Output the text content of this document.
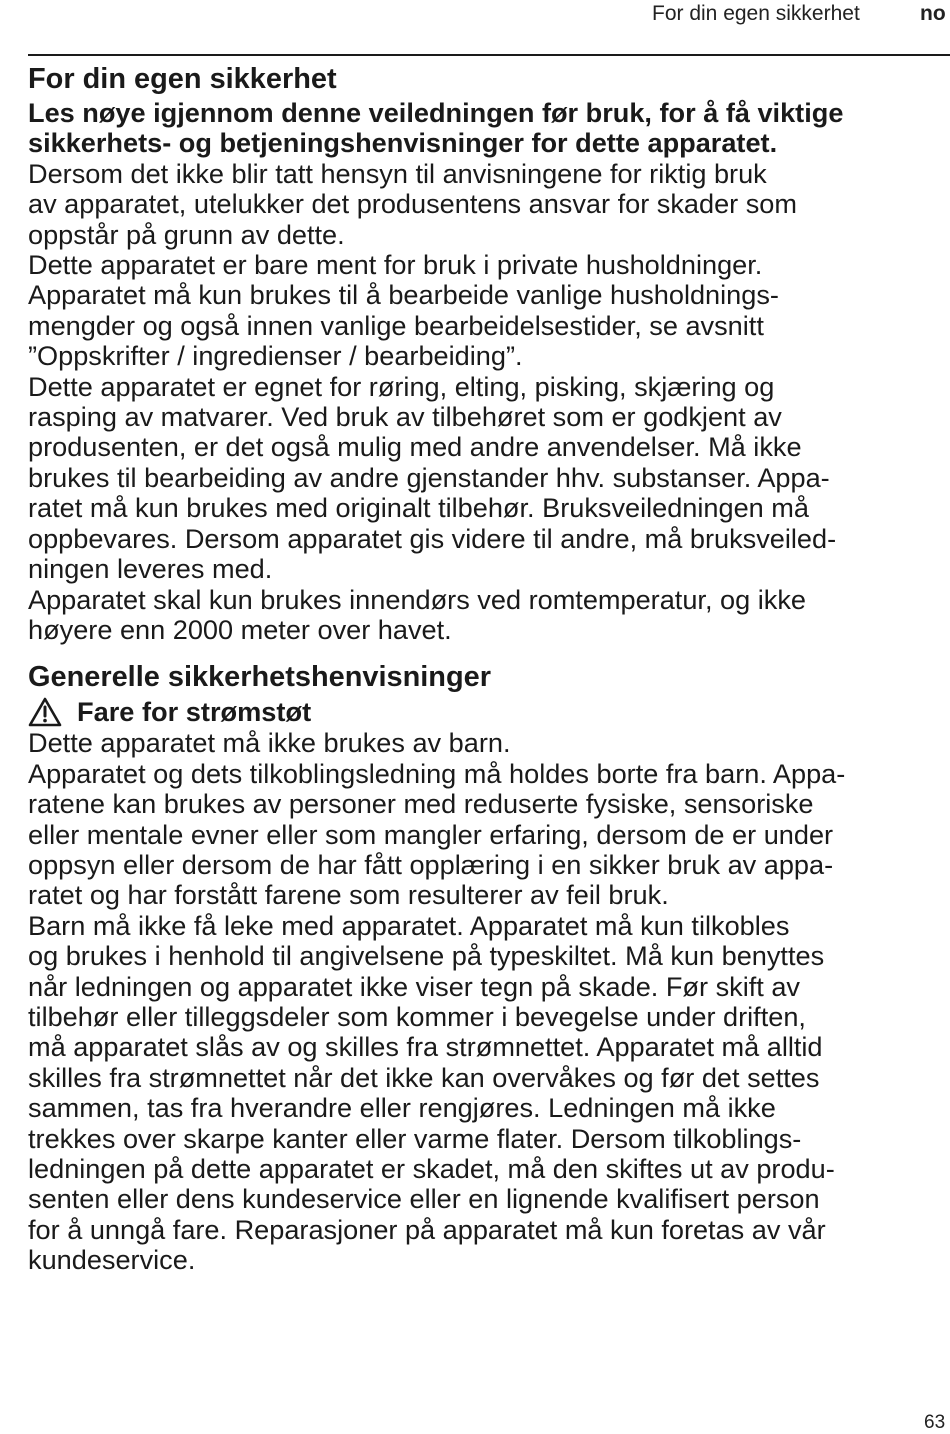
For din egen sikkerhet	no
For din egen sikkerhet

Les nøye igjennom denne veiledningen før bruk, for å få viktige

sikkerhets- og betjeningshenvisninger for dette apparatet.

Dersom det ikke blir tatt hensyn til anvisningene for riktig bruk

av apparatet, utelukker det produsentens ansvar for skader som

oppstår på grunn av dette.

Dette apparatet er bare ment for bruk i private husholdninger.

Apparatet må kun brukes til å bearbeide vanlige husholdnings-

mengder og også innen vanlige bearbeidelsestider, se avsnitt

”Oppskrifter / ingredienser / bearbeiding”.

Dette apparatet er egnet for røring, elting, pisking, skjæring og

rasping av matvarer. Ved bruk av tilbehøret som er godkjent av

produsenten, er det også mulig med andre anvendelser. Må ikke

brukes til bearbeiding av andre gjenstander hhv. substanser. Appa-

ratet må kun brukes med originalt tilbehør. Bruksveiledningen må

oppbevares. Dersom apparatet gis videre til andre, må bruksveiled-

ningen leveres med.

Apparatet skal kun brukes innendørs ved romtemperatur, og ikke

høyere enn 2000 meter over havet.

Generelle sikkerhetshenvisninger
Fare for strømstøt

Dette apparatet må ikke brukes av barn.

Apparatet og dets tilkoblingsledning må holdes borte fra barn. Appa-

ratene kan brukes av personer med reduserte fysiske, sensoriske

eller mentale evner eller som mangler erfaring, dersom de er under

oppsyn eller dersom de har fått opplæring i en sikker bruk av appa-

ratet og har forstått farene som resulterer av feil bruk.

Barn må ikke få leke med apparatet. Apparatet må kun tilkobles

og brukes i henhold til angivelsene på typeskiltet. Må kun benyttes

når ledningen og apparatet ikke viser tegn på skade. Før skift av

tilbehør eller tilleggsdeler som kommer i bevegelse under driften,

må apparatet slås av og skilles fra strømnettet. Apparatet må alltid

skilles fra strømnettet når det ikke kan overvåkes og før det settes

sammen, tas fra hverandre eller rengjøres. Ledningen må ikke

trekkes over skarpe kanter eller varme flater. Dersom tilkoblings-

ledningen på dette apparatet er skadet, må den skiftes ut av produ-

senten eller dens kundeservice eller en lignende kvalifisert person

for å unngå fare. Reparasjoner på apparatet må kun foretas av vår

kundeservice.

63
